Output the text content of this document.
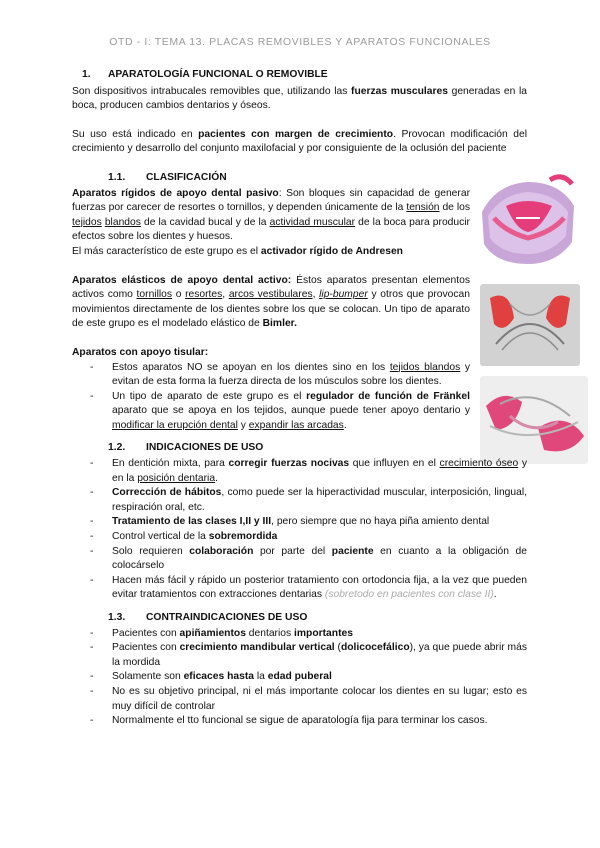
OTD - I: TEMA 13. PLACAS REMOVIBLES Y APARATOS FUNCIONALES
1. APARATOLOGÍA FUNCIONAL O REMOVIBLE

Son dispositivos intrabucales removibles que, utilizando las fuerzas musculares generadas en la boca, producen cambios dentarios y óseos.

Su uso está indicado en pacientes con margen de crecimiento. Provocan modificación del crecimiento y desarrollo del conjunto maxilofacial y por consiguiente de la oclusión del paciente

1.1. CLASIFICACIÓN

Aparatos rígidos de apoyo dental pasivo: Son bloques sin capacidad de generar fuerzas por carecer de resortes o tornillos, y dependen únicamente de la tensión de los tejidos blandos de la cavidad bucal y de la actividad muscular de la boca para producir efectos sobre los dientes y huesos.

El más característico de este grupo es el activador rígido de Andresen

Aparatos elásticos de apoyo dental activo: Éstos aparatos presentan elementos activos como tornillos o resortes, arcos vestibulares, lip-bumper y otros que provocan movimientos directamente de los dientes sobre los que se colocan. Un tipo de aparato de este grupo es el modelado elástico de Bimler.

Aparatos con apoyo tisular:

- Estos aparatos NO se apoyan en los dientes sino en los tejidos blandos y evitan de esta forma la fuerza directa de los músculos sobre los dientes.
- Un tipo de aparato de este grupo es el regulador de función de Fränkel aparato que se apoya en los tejidos, aunque puede tener apoyo dentario y modificar la erupción dental y expandir las arcadas.
1.2. INDICACIONES DE USO
- En dentición mixta, para corregir fuerzas nocivas que influyen en el crecimiento óseo y en la posición dentaria.
- Corrección de hábitos, como puede ser la hiperactividad muscular, interposición, lingual, respiración oral, etc.
- Tratamiento de las clases I,II y III, pero siempre que no haya piña amiento dental
- Control vertical de la sobremordida
- Solo requieren colaboración por parte del paciente en cuanto a la obligación de colocárselo
- Hacen más fácil y rápido un posterior tratamiento con ortodoncia fija, a la vez que pueden evitar tratamientos con extracciones dentarias (sobretodo en pacientes con clase II).
1.3. CONTRAINDICACIONES DE USO
- Pacientes con apiñamientos dentarios importantes
- Pacientes con crecimiento mandibular vertical (dolicocefálico), ya que puede abrir más la mordida
- Solamente son eficaces hasta la edad puberal
- No es su objetivo principal, ni el más importante colocar los dientes en su lugar; esto es muy difícil de controlar
- Normalmente el tto funcional se sigue de aparatología fija para terminar los casos.
